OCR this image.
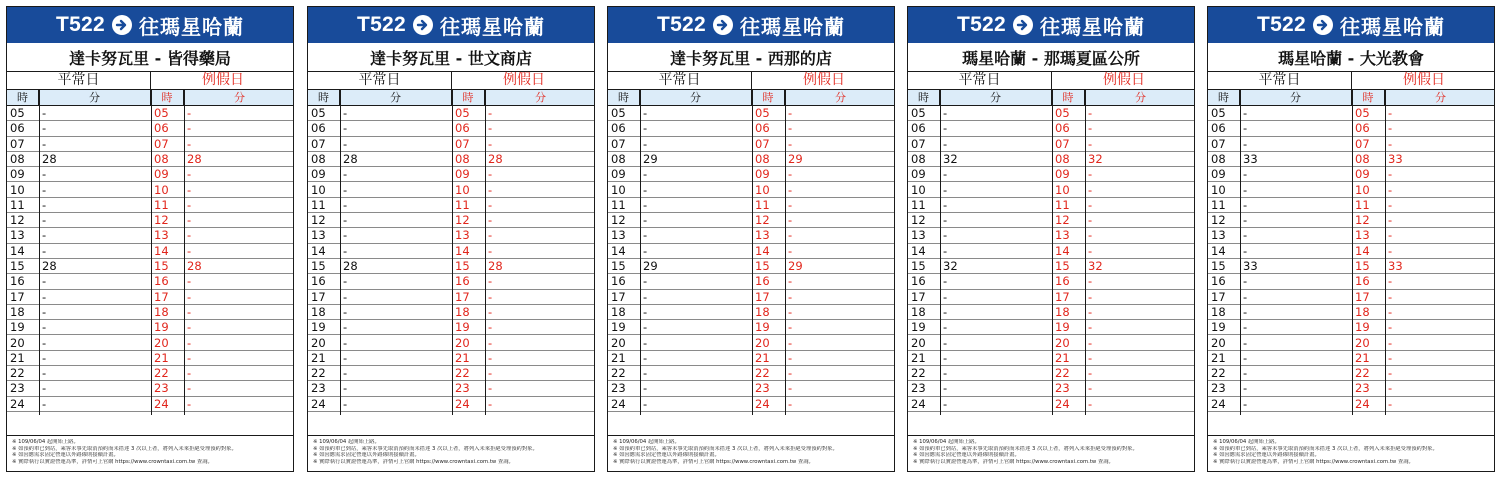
T522 往瑪星哈蘭
達卡努瓦里 - 皆得藥局
平常日	例假日
時	分	時	分
05	-	05	-
06	-	06	-
07	-	07	-
08	28	08	28
09	-	09	-
10	-	10	-
11	-	11	-
12	-	12	-
13	-	13	-
14	-	14	-
15	28	15	28
16	-	16	-
17	-	17	-
18	-	18	-
19	-	19	-
20	-	20	-
21	-	21	-
22	-	22	-
23	-	23	-
24	-	24	-
※ 109/06/04 起開始上路。
※ 如預約車已到站，乘客未事先取消預約而未搭達 3 次以上者，將列入未來拒絕受理預約對象。
※ 如因應需求固定營運以外路線則接續計畫。
※ 實際執行以實證營運為準，詳情可上官網 https://www.crowntaxi.com.tw 查詢。
T522 往瑪星哈蘭
達卡努瓦里 - 世文商店
平常日	例假日
時	分	時	分
05	-	05	-
06	-	06	-
07	-	07	-
08	28	08	28
09	-	09	-
10	-	10	-
11	-	11	-
12	-	12	-
13	-	13	-
14	-	14	-
15	28	15	28
16	-	16	-
17	-	17	-
18	-	18	-
19	-	19	-
20	-	20	-
21	-	21	-
22	-	22	-
23	-	23	-
24	-	24	-
※ 109/06/04 起開始上路。
※ 如預約車已到站，乘客未事先取消預約而未搭達 3 次以上者，將列入未來拒絕受理預約對象。
※ 如因應需求固定營運以外路線則接續計畫。
※ 實際執行以實證營運為準，詳情可上官網 https://www.crowntaxi.com.tw 查詢。
T522 往瑪星哈蘭
達卡努瓦里 - 西那的店
平常日	例假日
時	分	時	分
05	-	05	-
06	-	06	-
07	-	07	-
08	29	08	29
09	-	09	-
10	-	10	-
11	-	11	-
12	-	12	-
13	-	13	-
14	-	14	-
15	29	15	29
16	-	16	-
17	-	17	-
18	-	18	-
19	-	19	-
20	-	20	-
21	-	21	-
22	-	22	-
23	-	23	-
24	-	24	-
※ 109/06/04 起開始上路。
※ 如預約車已到站，乘客未事先取消預約而未搭達 3 次以上者，將列入未來拒絕受理預約對象。
※ 如因應需求固定營運以外路線則接續計畫。
※ 實際執行以實證營運為準，詳情可上官網 https://www.crowntaxi.com.tw 查詢。
T522 往瑪星哈蘭
瑪星哈蘭 - 那瑪夏區公所
平常日	例假日
時	分	時	分
05	-	05	-
06	-	06	-
07	-	07	-
08	32	08	32
09	-	09	-
10	-	10	-
11	-	11	-
12	-	12	-
13	-	13	-
14	-	14	-
15	32	15	32
16	-	16	-
17	-	17	-
18	-	18	-
19	-	19	-
20	-	20	-
21	-	21	-
22	-	22	-
23	-	23	-
24	-	24	-
※ 109/06/04 起開始上路。
※ 如預約車已到站，乘客未事先取消預約而未搭達 3 次以上者，將列入未來拒絕受理預約對象。
※ 如因應需求固定營運以外路線則接續計畫。
※ 實際執行以實證營運為準，詳情可上官網 https://www.crowntaxi.com.tw 查詢。
T522 往瑪星哈蘭
瑪星哈蘭 - 大光教會
平常日	例假日
時	分	時	分
05	-	05	-
06	-	06	-
07	-	07	-
08	33	08	33
09	-	09	-
10	-	10	-
11	-	11	-
12	-	12	-
13	-	13	-
14	-	14	-
15	33	15	33
16	-	16	-
17	-	17	-
18	-	18	-
19	-	19	-
20	-	20	-
21	-	21	-
22	-	22	-
23	-	23	-
24	-	24	-
※ 109/06/04 起開始上路。
※ 如預約車已到站，乘客未事先取消預約而未搭達 3 次以上者，將列入未來拒絕受理預約對象。
※ 如因應需求固定營運以外路線則接續計畫。
※ 實際執行以實證營運為準，詳情可上官網 https://www.crowntaxi.com.tw 查詢。
